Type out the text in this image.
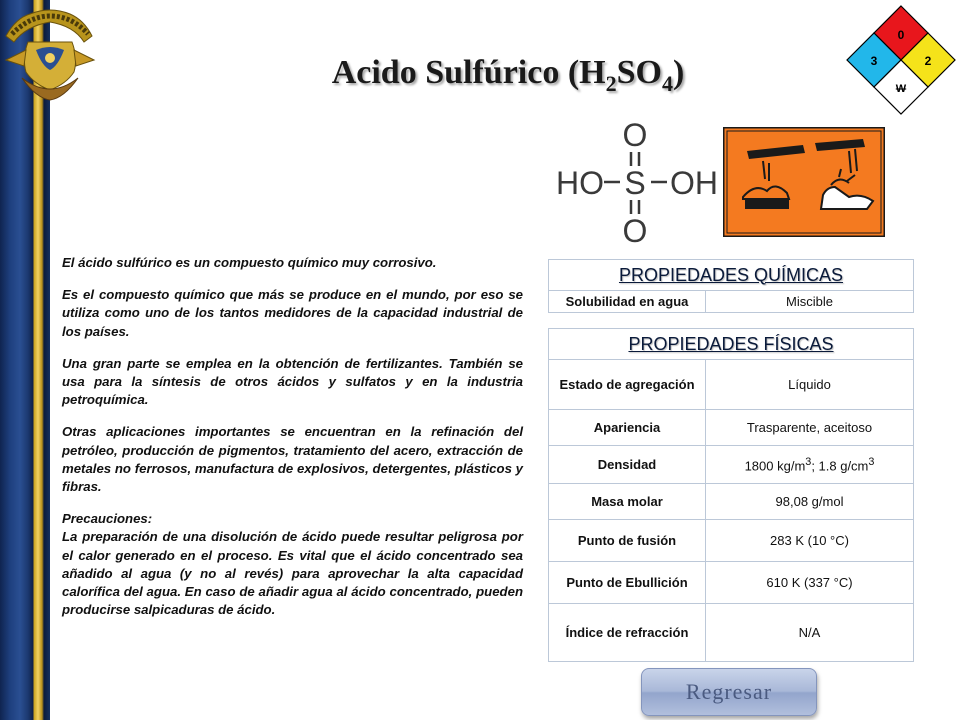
Acido Sulfúrico $(H_2SO_4)$
0
3	2
W
O
HO S OH
O

El ácido sulfúrico es un compuesto químico muy corrosivo.

Es el compuesto químico que más se produce en el mundo, por eso se utiliza como uno de los tantos medidores de la capacidad industrial de los países.

Una gran parte se emplea en la obtención de fertilizantes. También se usa para la síntesis de otros ácidos y sulfatos y en la industria petroquímica.

Otras aplicaciones importantes se encuentran en la refinación del petróleo, producción de pigmentos, tratamiento del acero, extracción de metales no ferrosos, manufactura de explosivos, detergentes, plásticos y fibras.

Precauciones:

La preparación de una disolución de ácido puede resultar peligrosa por el calor generado en el proceso. Es vital que el ácido concentrado sea añadido al agua (y no al revés) para aprovechar la alta capacidad calorífica del agua. En caso de añadir agua al ácido concentrado, pueden producirse salpicaduras de ácido.

PROPIEDADES QUÍMICAS
Solubilidad en agua	Miscible
PROPIEDADES FÍSICAS	
Estado de agregación	Líquido
Apariencia	Trasparente, aceitoso
Densidad	1800 $kg/m^3$; 1.8 $g/cm^3$
Masa molar	98,08 g/mol
Punto de fusión	283 K (10 °C)
Punto de Ebullición	610 K (337 °C)
Índice de refracción	N/A
Regresar
